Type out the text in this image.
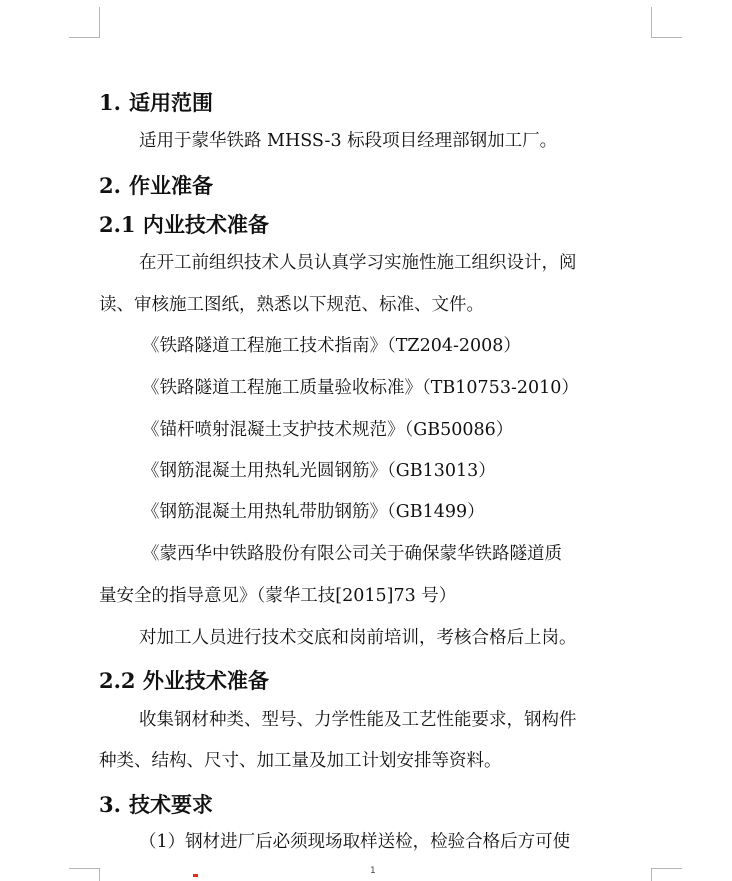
1. 适用范围
适用于蒙华铁路 MHSS-3 标段项目经理部钢加工厂。
2. 作业准备
2.1 内业技术准备
在开工前组织技术人员认真学习实施性施工组织设计，阅
读、审核施工图纸，熟悉以下规范、标准、文件。
《铁路隧道工程施工技术指南》（TZ204-2008）
《铁路隧道工程施工质量验收标准》（TB10753-2010）
《锚杆喷射混凝土支护技术规范》（GB50086）
《钢筋混凝土用热轧光圆钢筋》（GB13013）
《钢筋混凝土用热轧带肋钢筋》（GB1499）
《蒙西华中铁路股份有限公司关于确保蒙华铁路隧道质
量安全的指导意见》（蒙华工技[2015]73 号）
对加工人员进行技术交底和岗前培训，考核合格后上岗。
2.2 外业技术准备
收集钢材种类、型号、力学性能及工艺性能要求，钢构件
种类、结构、尺寸、加工量及加工计划安排等资料。
3. 技术要求
（1）钢材进厂后必须现场取样送检，检验合格后方可使
1
